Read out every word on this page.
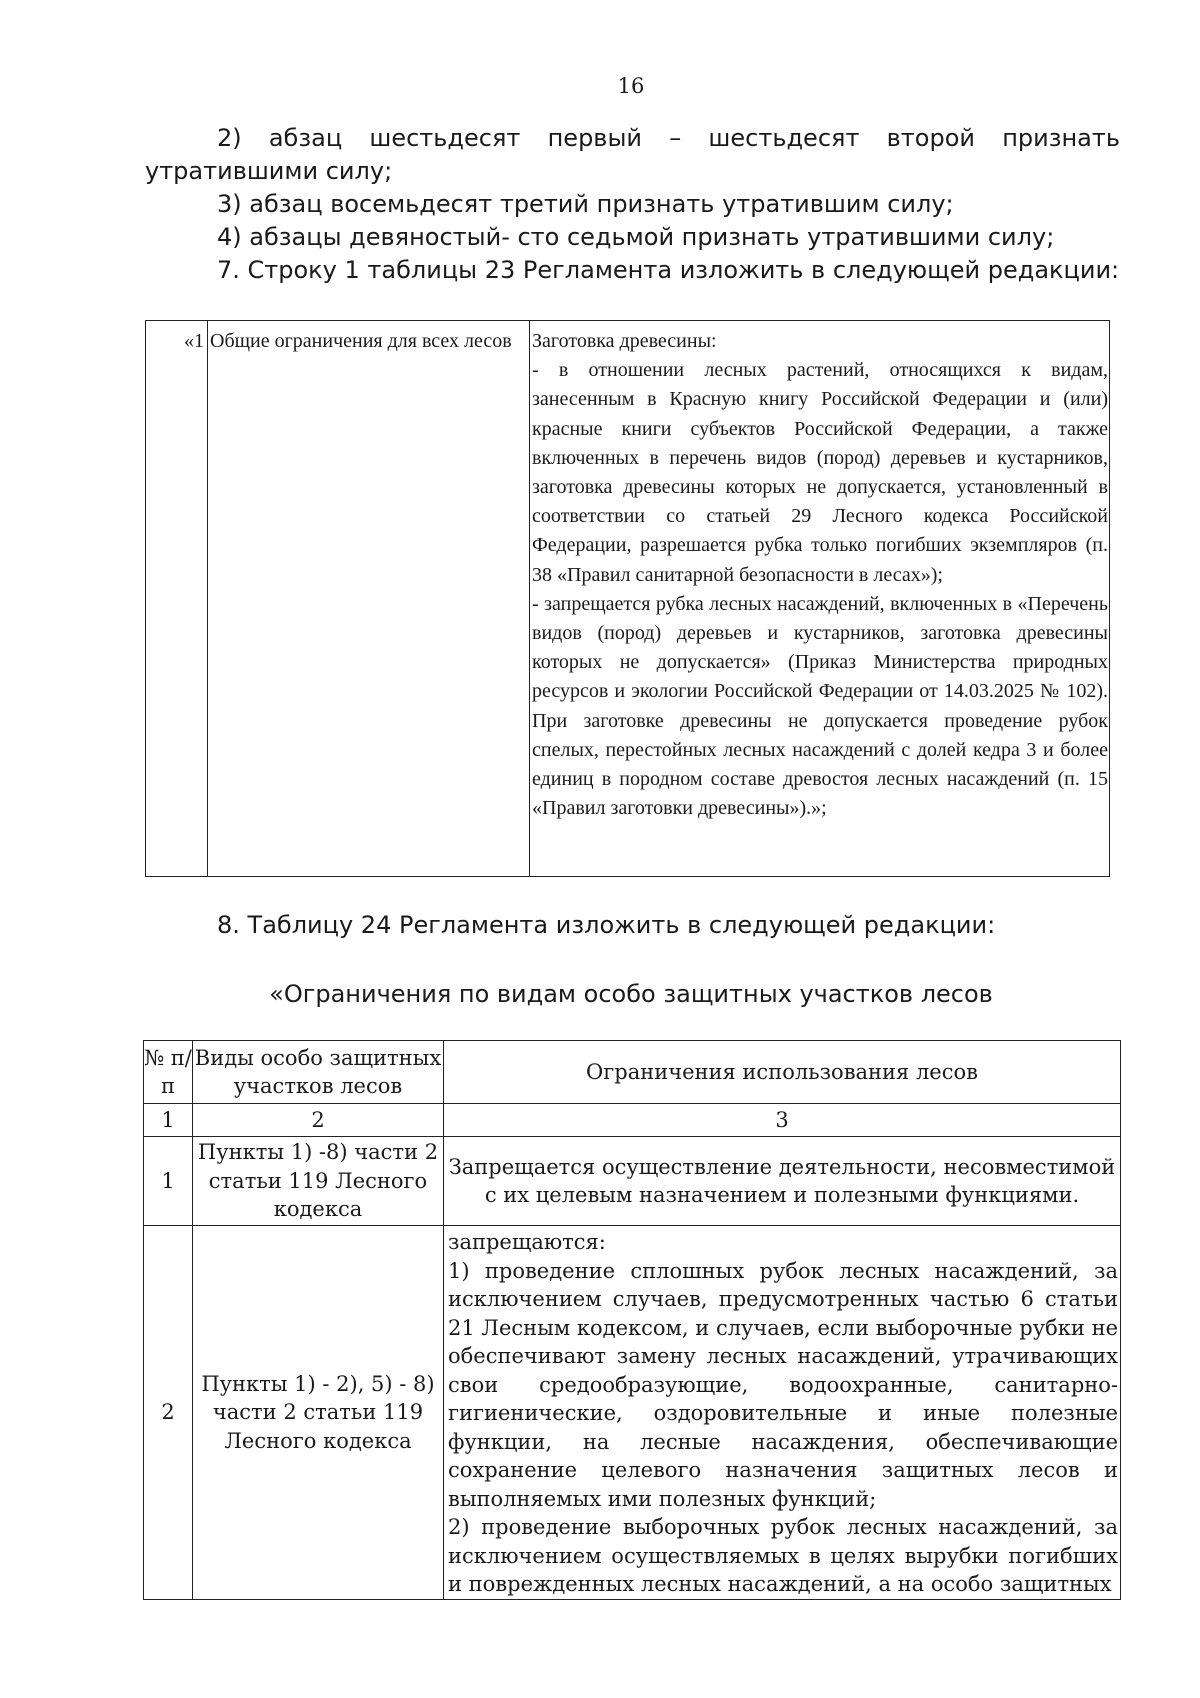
16

2) абзац шестьдесят первый – шестьдесят второй признать утратившими силу;

3) абзац восемьдесят третий признать утратившим силу;

4) абзацы девяностый- сто седьмой признать утратившими силу;

7. Строку 1 таблицы 23 Регламента изложить в следующей редакции:

«1	Общие ограничения для всех лесов	Заготовка древесины:
- в отношении лесных растений, относящихся к видам, занесенным в Красную книгу Российской Федерации и (или) красные книги субъектов Российской Федерации, а также включенных в перечень видов (пород) деревьев и кустарников, заготовка древесины которых не допускается, установленный в соответствии со статьей 29 Лесного кодекса Российской Федерации, разрешается рубка только погибших экземпляров (п. 38 «Правил санитарной безопасности в лесах»);
- запрещается рубка лесных насаждений, включенных в «Перечень видов (пород) деревьев и кустарников, заготовка древесины которых не допускается» (Приказ Министерства природных ресурсов и экологии Российской Федерации от 14.03.2025 № 102). При заготовке древесины не допускается проведение рубок спелых, перестойных лесных насаждений с долей кедра 3 и более единиц в породном составе древостоя лесных насаждений (п. 15 «Правил заготовки древесины»).»;
8. Таблицу 24 Регламента изложить в следующей редакции:
«Ограничения по видам особо защитных участков лесов
№ п/п	Виды особо защитных участков лесов	Ограничения использования лесов
1	2	3
1	Пункты 1) -8) части 2 статьи 119 Лесного кодекса	Запрещается осуществление деятельности, несовместимой с их целевым назначением и полезными функциями.
2	Пункты 1) - 2), 5) - 8) части 2 статьи 119 Лесного кодекса	запрещаются:
1) проведение сплошных рубок лесных насаждений, за исключением случаев, предусмотренных частью 6 статьи 21 Лесным кодексом, и случаев, если выборочные рубки не обеспечивают замену лесных насаждений, утрачивающих свои средообразующие, водоохранные, санитарно-гигиенические, оздоровительные и иные полезные функции, на лесные насаждения, обеспечивающие сохранение целевого назначения защитных лесов и выполняемых ими полезных функций;
2) проведение выборочных рубок лесных насаждений, за исключением осуществляемых в целях вырубки погибших и поврежденных лесных насаждений, а на особо защитных
